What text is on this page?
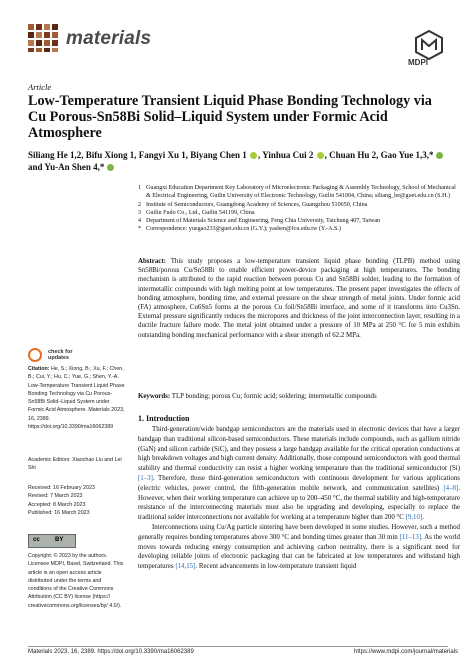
materials
MDPI
Article
Low-Temperature Transient Liquid Phase Bonding Technology via Cu Porous-Sn58Bi Solid–Liquid System under Formic Acid Atmosphere
Siliang He 1,2, Bifu Xiong 1, Fangyi Xu 1, Biyang Chen 1 , Yinhua Cui 2 , Chuan Hu 2, Gao Yue 1,3,*
and Yu-An Shen 4,*
1 Guangxi Education Department Key Laboratory of Microelectronic Packaging & Assembly Technology, School of Mechanical & Electrical Engineering, Guilin University of Electronic Technology, Guilin 541004, China; siliang_he@guet.edu.cn (S.H.)
2 Institute of Semiconductors, Guangdong Academy of Sciences, Guangzhou 510650, China
3 Guilin Fudo Co., Ltd., Guilin 541199, China
4 Department of Materials Science and Engineering, Feng Chia University, Taichung 407, Taiwan
* Correspondence: yuegao233@guet.edu.cn (G.Y.); yashen@fcu.edu.tw (Y.-A.S.)
Abstract: This study proposes a low-temperature transient liquid phase bonding (TLPB) method using Sn58Bi/porous Cu/Sn58Bi to enable efficient power-device packaging at high temperatures. The bonding mechanism is attributed to the rapid reaction between porous Cu and Sn58Bi solder, leading to the formation of intermetallic compounds with high melting point at low temperatures. The present paper investigates the effects of bonding atmosphere, bonding time, and external pressure on the shear strength of metal joints. Under formic acid (FA) atmosphere, Cu6Sn5 forms at the porous Cu foil/Sn58Bi interface, and some of it transforms into Cu3Sn. External pressure significantly reduces the micropores and thickness of the joint interconnection layer, resulting in a ductile fracture failure mode. The metal joint obtained under a pressure of 10 MPa at 250 °C for 5 min exhibits outstanding bonding mechanical performance with a shear strength of 62.2 MPa.
Keywords: TLP bonding; porous Cu; formic acid; soldering; intermetallic compounds
1. Introduction

Third-generation/wide bandgap semiconductors are the materials used in electronic devices that have a larger bandgap than traditional silicon-based semiconductors. These materials include compounds, such as gallium nitride (GaN) and silicon carbide (SiC), and they possess a large bandgap available for the critical operation conductions at high breakdown voltages and high current density. Additionally, those compound semiconductors with good thermal stability and thermal conductivity can resist a higher working temperature than the traditional semiconductor (Si) [1–3]. Therefore, those third-generation semiconductors with continuous development for various applications (electric vehicles, power control, the fifth-generation mobile network, and communication satellites) [4–8]. However, when their working temperature can achieve up to 200–450 °C, the thermal stability and high-temperature resistance of the interconnecting materials must also be upgrading and developing, especially to replace the traditional solder interconnections not available for working at a temperature higher than 200 °C [9,10].

Interconnections using Cu/Ag particle sintering have been developed in some studies. However, such a method generally requires bonding temperatures above 300 °C and bonding times greater than 30 min [11–13]. As the world moves towards reducing energy consumption and achieving carbon neutrality, there is a significant need for developing reliable joints of electronic packaging that can be fabricated at low temperatures and withstand high temperatures [14,15]. Recent advancements in low-temperature transient liquid

check for
updates
Citation: He, S.; Xiong, B.; Xu, F.; Chen, B.; Cui, Y.; Hu, C.; Yue, G.; Shen, Y.-A. Low-Temperature Transient Liquid Phase Bonding Technology via Cu Porous-Sn58Bi Solid–Liquid System under Formic Acid Atmosphere. Materials 2023, 16, 2389. https://doi.org/10.3390/ma16062389
Academic Editors: Xiaochao Liu and Lei Shi
Received: 16 February 2023
Revised: 7 March 2023
Accepted: 8 March 2023
Published: 16 March 2023
cc	BY
Copyright: © 2023 by the authors. Licensee MDPI, Basel, Switzerland. This article is an open access article distributed under the terms and conditions of the Creative Commons Attribution (CC BY) license (https:// creativecommons.org/licenses/by/ 4.0/).
Materials 2023, 16, 2389. https://doi.org/10.3390/ma16062389	https://www.mdpi.com/journal/materials
